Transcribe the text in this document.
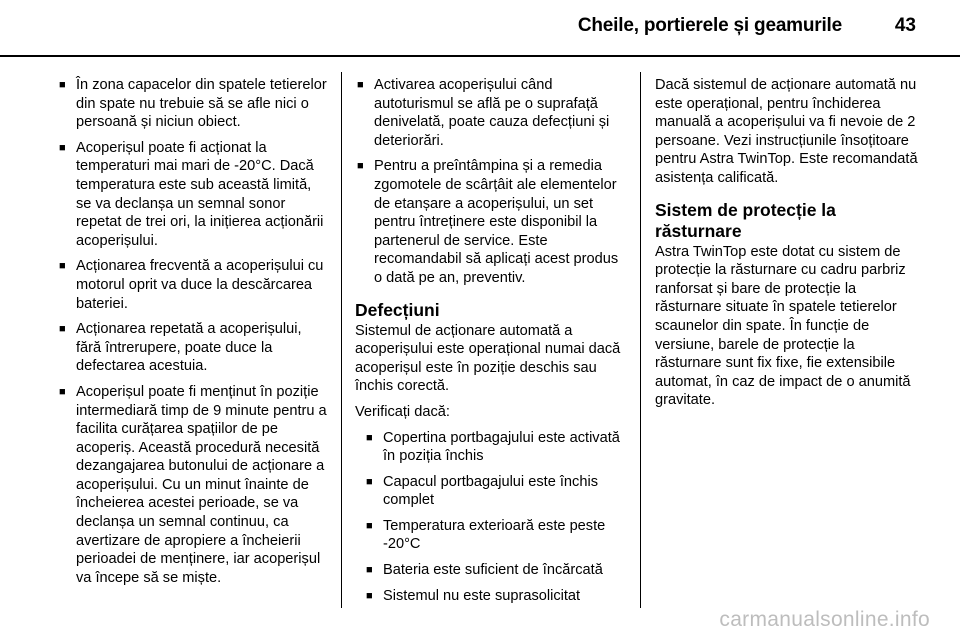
Cheile, portierele și geamurile	43
■ În zona capacelor din spatele tetierelor din spate nu trebuie să se afle nici o persoană și niciun obiect.
■ Acoperișul poate fi acționat la temperaturi mai mari de -20°C. Dacă temperatura este sub această limită, se va declanșa un semnal sonor repetat de trei ori, la inițierea acționării acoperișului.
■ Acționarea frecventă a acoperișului cu motorul oprit va duce la descărcarea bateriei.
■ Acționarea repetată a acoperișului, fără întrerupere, poate duce la defectarea acestuia.
■ Acoperișul poate fi menținut în poziție intermediară timp de 9 minute pentru a facilita curățarea spațiilor de pe acoperiș. Această procedură necesită dezangajarea butonului de acționare a acoperișului. Cu un minut înainte de încheierea acestei perioade, se va declanșa un semnal continuu, ca avertizare de apropiere a încheierii perioadei de menținere, iar acoperișul va începe să se miște.
■ Activarea acoperișului când autoturismul se află pe o suprafață denivelată, poate cauza defecțiuni și deteriorări.
■ Pentru a preîntâmpina și a remedia zgomotele de scârțâit ale elementelor de etanșare a acoperișului, un set pentru întreținere este disponibil la partenerul de service. Este recomandabil să aplicați acest produs o dată pe an, preventiv.
Defecțiuni

Sistemul de acționare automată a acoperișului este operațional numai dacă acoperișul este în poziție deschis sau închis corectă.

Verificați dacă:

■ Copertina portbagajului este activată în poziția închis
■ Capacul portbagajului este închis complet
■ Temperatura exterioară este peste -20°C
■ Bateria este suficient de încărcată
■ Sistemul nu este suprasolicitat

Dacă sistemul de acționare automată nu este operațional, pentru închiderea manuală a acoperișului va fi nevoie de 2 persoane. Vezi instrucțiunile însoțitoare pentru Astra TwinTop. Este recomandată asistența calificată.

Sistem de protecție la răsturnare

Astra TwinTop este dotat cu sistem de protecție la răsturnare cu cadru parbriz ranforsat și bare de protecție la răsturnare situate în spatele tetierelor scaunelor din spate. În funcție de versiune, barele de protecție la răsturnare sunt fix fixe, fie extensibile automat, în caz de impact de o anumită gravitate.

carmanualsonline.info
